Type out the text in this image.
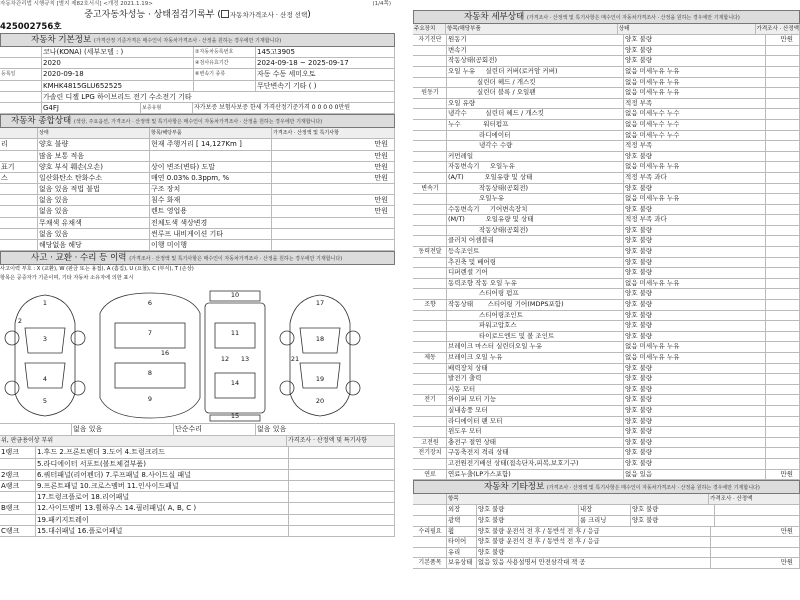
자동차관리법 시행규칙 [별지 제82호서식] <개정 2021.1.19>	(1/4쪽)
중고자동차성능 · 상태점검기록부 ( 자동차가격조사 · 산정 선택)
425002756호
자동차 기본정보 (가격산정 기준가격은 매수인이 자동차가격조사 · 산정을 원하는 경우에만 기재합니다)
코나(KONA) (세부모델 : )	②자동차등록번호	145고3905
2020	④검사유효기간	2024-09-18 ~ 2025-09-17
등록일	2020-09-18	⑥변속기 종류	자동 수동 세미오토
KMHK4815GLU652525	무단변속기 기타 ( )
가솔린 디젤 LPG 하이브리드 전기 수소전기 기타
G4FJ	보증유형	자가보증 보험사보증 한세 가격산정기준가격 0 0 0 0 0만원
자동차 종합상태 (색상, 주요옵션, 가격조사 · 산정액 및 특기사항은 매수인이 자동차가격조사 · 산정을 원하는 경우에만 기재합니다)
상태	항목/해당부품	가격조사 · 산정액 및 특기사항
리	양호 불량	현재 주행거리 [ 14,127Km ]	만원
많음 보통 적음	만원
표기	양호 부식 훼손(오손)	상이 변조(변타) 도말	만원
스	일산화탄소 탄화수소	매연 0.03% 0.3ppm, %	만원
없음 있음 적법 불법	구조 장치
없음 있음	침수 화재	만원
없음 있음	렌트 영업용	만원
무채색 유채색	전체도색 색상변경
없음 있음	썬루프 내비게이션 기타
해당없음 해당	이행 미이행
사고 · 교환 · 수리 등 이력 (가격조사 · 산정액 및 특기사항은 매수인이 자동차가격조사 · 산정을 원하는 경우에만 기재합니다)
사고이력 부호 : X (교환), W (판금 또는 용접), A (흠집), U (요철), C (부식), T (손상)
항목은 공증자가 기준이며, 기타 자동차 소유자에 의한 표시
1
2
3
4
5
6
7
8
9
10
11
12 13
14
15
16
17
18
19
20
21
없음 있음	단순수리	없음 있음
위, 판금용이상 부위	가격조사 · 산정액 및 특기사항
1랭크	1.후드 2.프론트펜더 3.도어 4.트렁크리드
5.라디에이터 서포트(볼트체결부품)
2랭크	6.쿼터패널(리어펜더) 7.루프패널 8.사이드실 패널
A랭크	9.프론트패널 10.크로스멤버 11.인사이드패널
17.트렁크플로어 18.리어패널
B랭크	12.사이드멤버 13.휠하우스 14.필러패널( A, B, C )
19.패키지트레이
C랭크	15.대쉬패널 16.플로어패널
자동차 세부상태 (가격조사 · 산정액 및 특기사항은 매수인이 자동차가격조사 · 산정을 원하는 경우에만 기재합니다)
주요장치	항목/해당부품	상태	가격조사 · 산정액
자기진단 원동기	양호 불량	만원
변속기	양호 불량
작동상태(공회전)	양호 불량
오일 누유     실린더 커버(로커암 커버)	없음 미세누유 누유
실린더 헤드 / 개스킷	없음 미세누유 누유
원동기	실린더 블록 / 오일팬	없음 미세누유 누유
오일 유량	적정 부족
냉각수         실린더 헤드 / 개스킷	없음 미세누수 누수
누수           워터펌프	없음 미세누수 누수
라디에이터	없음 미세누수 누수
냉각수 수량	적정 부족
커먼레일	양호 불량
자동변속기     오일누유	없음 미세누유 누유
(A/T)          오일유량 및 상태	적정 부족 과다
변속기	작동상태(공회전)	양호 불량
오일누유	없음 미세누유 누유
수동변속기     기어변속장치	양호 불량
(M/T)          오일유량 및 상태	적정 부족 과다
작동상태(공회전)	양호 불량
클러치 어셈블리	양호 불량
동력전달 등속조인트	양호 불량
추진축 및 베어링	양호 불량
디퍼렌셜 기어	양호 불량
동력조향 작동 오일 누유	없음 미세누유 누유
스티어링 펌프	양호 불량
조향	작동상태       스티어링 기어(MDPS포함)	양호 불량
스티어링조인트	양호 불량
파워고압호스	양호 불량
타이로드엔드 및 볼 조인트	양호 불량
브레이크 마스터 실린더오일 누유	없음 미세누유 누유
제동	브레이크 오일 누유	없음 미세누유 누유
배력장치 상태	양호 불량
발전기 출력	양호 불량
시동 모터	양호 불량
전기	와이퍼 모터 기능	양호 불량
실내송풍 모터	양호 불량
라디에이터 팬 모터	양호 불량
윈도우 모터	양호 불량
고전원	충전구 절연 상태	양호 불량
전기장치 구동축전지 격리 상태	양호 불량
고전원전기배선 상태(접속단자,피복,보호기구)	양호 불량
연료	연료누출(LP가스포함)	없음 있음	만원
자동차 기타정보 (가격조사 · 산정액 및 특기사항은 매수인이 자동차가격조사 · 산정을 원하는 경우에만 기재합니다)
항목	가격조사 · 산정액
외장	양호 불량	내장	양호 불량
광택	양호 불량	룸 크리닝	양호 불량
수리필요	휠	양호 불량 운전석 전 후 / 동반석 전 후 / 응급	만원
타이어	양호 불량 운전석 전 후 / 동반석 전 후 / 응급
유리	양호 불량
기본품목	보유상태 없음 있음 사용설명서 안전삼각대 잭 공	만원
